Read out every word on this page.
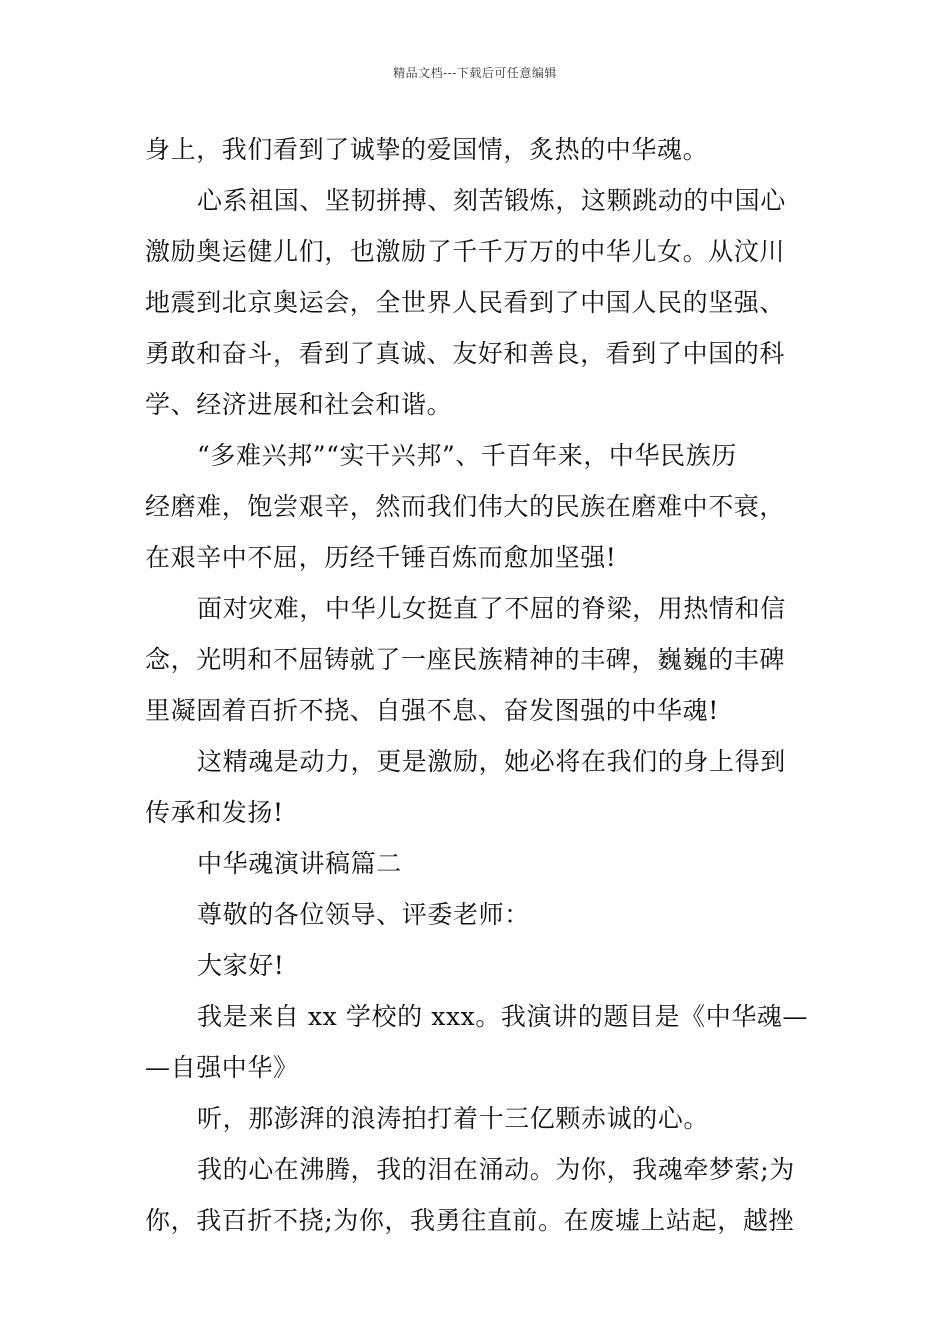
精品文档---下载后可任意编辑
身上，我们看到了诚挚的爱国情，炙热的中华魂。
心系祖国、坚韧拼搏、刻苦锻炼，这颗跳动的中国心
激励奥运健儿们，也激励了千千万万的中华儿女。从汶川
地震到北京奥运会，全世界人民看到了中国人民的坚强、
勇敢和奋斗，看到了真诚、友好和善良，看到了中国的科
学、经济进展和社会和谐。
“多难兴邦”“实干兴邦”、千百年来，中华民族历
经磨难，饱尝艰辛，然而我们伟大的民族在磨难中不衰，
在艰辛中不屈，历经千锤百炼而愈加坚强!
面对灾难，中华儿女挺直了不屈的脊梁，用热情和信
念，光明和不屈铸就了一座民族精神的丰碑，巍巍的丰碑
里凝固着百折不挠、自强不息、奋发图强的中华魂!
这精魂是动力，更是激励，她必将在我们的身上得到
传承和发扬!
中华魂演讲稿篇二
尊敬的各位领导、评委老师：
大家好!
我是来自 xx 学校的 xxx。我演讲的题目是《中华魂—
—自强中华》
听，那澎湃的浪涛拍打着十三亿颗赤诚的心。
我的心在沸腾，我的泪在涌动。为你，我魂牵梦萦;为
你，我百折不挠;为你，我勇往直前。在废墟上站起，越挫
